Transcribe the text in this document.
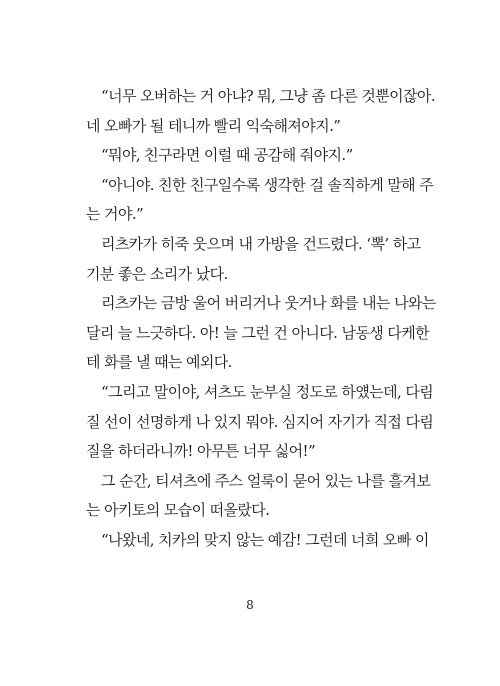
“너무 오버하는 거 아냐? 뭐, 그냥 좀 다른 것뿐이잖아.
네 오빠가 될 테니까 빨리 익숙해져야지.”
“뭐야, 친구라면 이럴 때 공감해 줘야지.”
“아니야. 친한 친구일수록 생각한 걸 솔직하게 말해 주
는 거야.”
리츠카가 히죽 웃으며 내 가방을 건드렸다. ‘뽁’ 하고
기분 좋은 소리가 났다.
리츠카는 금방 울어 버리거나 웃거나 화를 내는 나와는
달리 늘 느긋하다. 아! 늘 그런 건 아니다. 남동생 다케한
테 화를 낼 때는 예외다.
“그리고 말이야, 셔츠도 눈부실 정도로 하얬는데, 다림
질 선이 선명하게 나 있지 뭐야. 심지어 자기가 직접 다림
질을 하더라니까! 아무튼 너무 싫어!”
그 순간, 티셔츠에 주스 얼룩이 묻어 있는 나를 흘겨보
는 아키토의 모습이 떠올랐다.
“나왔네, 치카의 맞지 않는 예감! 그런데 너희 오빠 이
8
